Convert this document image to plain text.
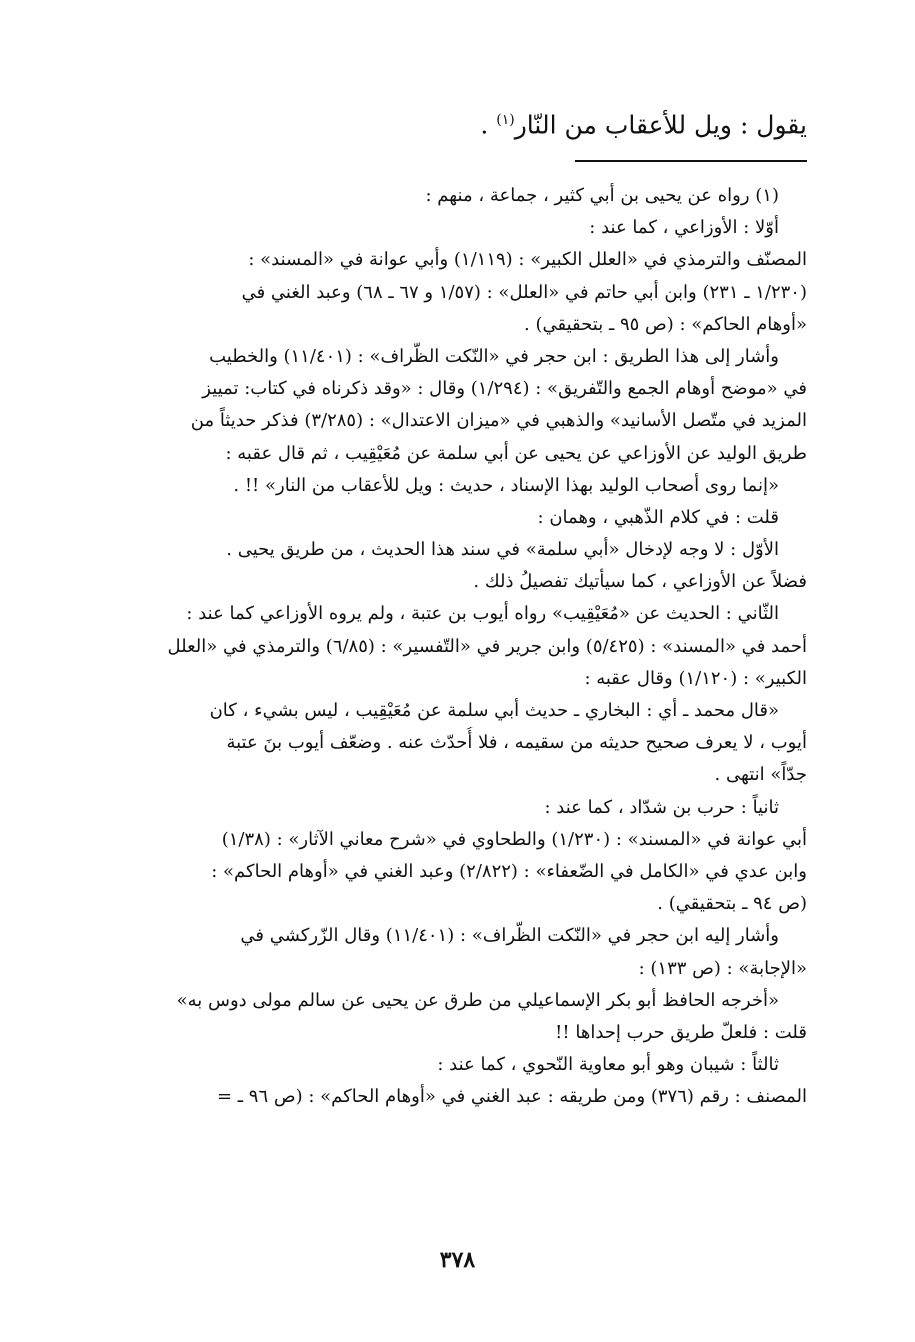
يقول : ويل للأعقاب من النّار$^{(١)}$ .

(١) رواه عن يحيى بن أبي كثير ، جماعة ، منهم :
أوّلا : الأوزاعي ، كما عند :
المصنّف والترمذي في «العلل الكبير» : (١/١١٩) وأبي عوانة في «المسند» :
(١/٢٣٠ ـ ٢٣١) وابن أبي حاتم في «العلل» : (١/٥٧ و ٦٧ ـ ٦٨) وعبد الغني في
«أوهام الحاكم» : (ص ٩٥ ـ بتحقيقي) .
وأشار إلى هذا الطريق : ابن حجر في «النّكت الظّراف» : (١١/٤٠١) والخطيب
في «موضح أوهام الجمع والتّفريق» : (١/٢٩٤) وقال : «وقد ذكرناه في كتاب: تمييز
المزيد في متّصل الأسانيد» والذهبي في «ميزان الاعتدال» : (٣/٢٨٥) فذكر حديثاً من
طريق الوليد عن الأوزاعي عن يحيى عن أبي سلمة عن مُعَيْقِيب ، ثم قال عقبه :
«إنما روى أصحاب الوليد بهذا الإسناد ، حديث : ويل للأعقاب من النار» !! .
قلت : في كلام الذّهبي ، وهمان :
الأوّل : لا وجه لإدخال «أبي سلمة» في سند هذا الحديث ، من طريق يحيى .
فضلاً عن الأوزاعي ، كما سيأتيك تفصيلُ ذلك .
الثّاني : الحديث عن «مُعَيْقِيب» رواه أيوب بن عتبة ، ولم يروه الأوزاعي كما عند :
أحمد في «المسند» : (٥/٤٢٥) وابن جرير في «التّفسير» : (٦/٨٥) والترمذي في «العلل
الكبير» : (١/١٢٠) وقال عقبه :
«قال محمد ـ أي : البخاري ـ حديث أبي سلمة عن مُعَيْقِيب ، ليس بشيء ، كان
أيوب ، لا يعرف صحيح حديثه من سقيمه ، فلا أُحدّث عنه . وضعّف أيوب بنَ عتبة
جدّاً» انتهى .
ثانياً : حرب بن شدّاد ، كما عند :
أبي عوانة في «المسند» : (١/٢٣٠) والطحاوي في «شرح معاني الآثار» : (١/٣٨)
وابن عدي في «الكامل في الضّعفاء» : (٢/٨٢٢) وعبد الغني في «أوهام الحاكم» :
(ص ٩٤ ـ بتحقيقي) .
وأشار إليه ابن حجر في «النّكت الظّراف» : (١١/٤٠١) وقال الزّركشي في
«الإجابة» : (ص ١٣٣) :
«أخرجه الحافظ أبو بكر الإسماعيلي من طرق عن يحيى عن سالم مولى دوس به»
قلت : فلعلّ طريق حرب إحداها !!
ثالثاً : شيبان وهو أبو معاوية النّحوي ، كما عند :
المصنف : رقم (٣٧٦) ومن طريقه : عبد الغني في «أوهام الحاكم» : (ص ٩٦ ـ =
٣٧٨
